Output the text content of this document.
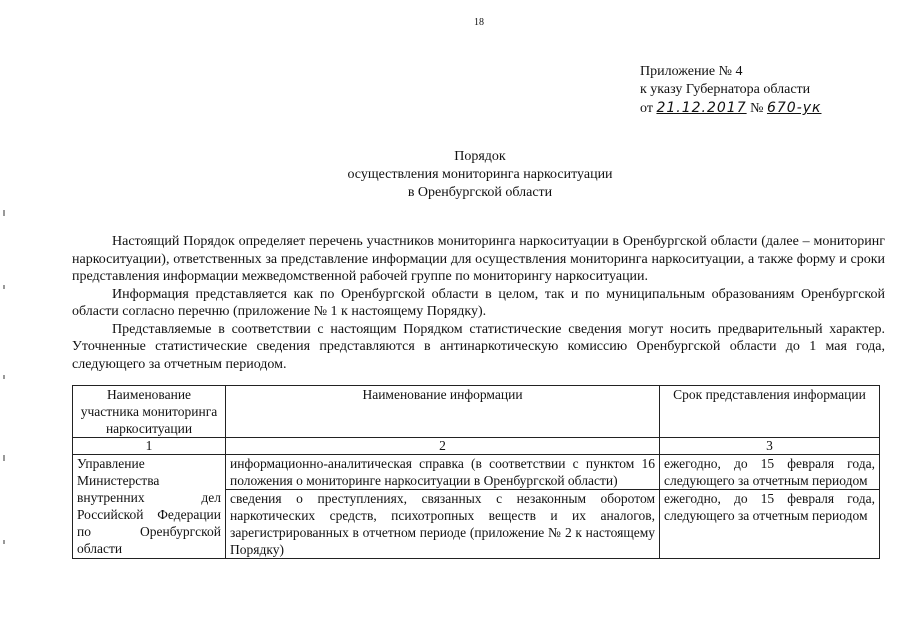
18
Приложение № 4
к указу Губернатора области
от 21.12.2017 № 670-ук
Порядок
осуществления мониторинга наркоситуации
в Оренбургской области

Настоящий Порядок определяет перечень участников мониторинга наркоситуации в Оренбургской области (далее – мониторинг наркоситуации), ответственных за представление информации для осуществления мониторинга наркоситуации, а также форму и сроки представления информации межведомственной рабочей группе по мониторингу наркоситуации.

Информация представляется как по Оренбургской области в целом, так и по муниципальным образованиям Оренбургской области согласно перечню (приложение № 1 к настоящему Порядку).

Представляемые в соответствии с настоящим Порядком статистические сведения могут носить предварительный характер. Уточненные статистические сведения представляются в антинаркотическую комиссию Оренбургской области до 1 мая года, следующего за отчетным периодом.

Наименование участника мониторинга наркоситуации	Наименование информации	Срок представления информации
1	2	3
Управление Министерства внутренних дел Российской Федерации по Оренбургской области	информационно-аналитическая справка (в соответствии с пунктом 16 положения о мониторинге наркоситуации в Оренбургской области)	ежегодно, до 15 февраля года, следующего за отчетным периодом
	сведения о преступлениях, связанных с незаконным оборотом наркотических средств, психотропных веществ и их аналогов, зарегистрированных в отчетном периоде (приложение № 2 к настоящему Порядку)	ежегодно, до 15 февраля года, следующего за отчетным периодом
